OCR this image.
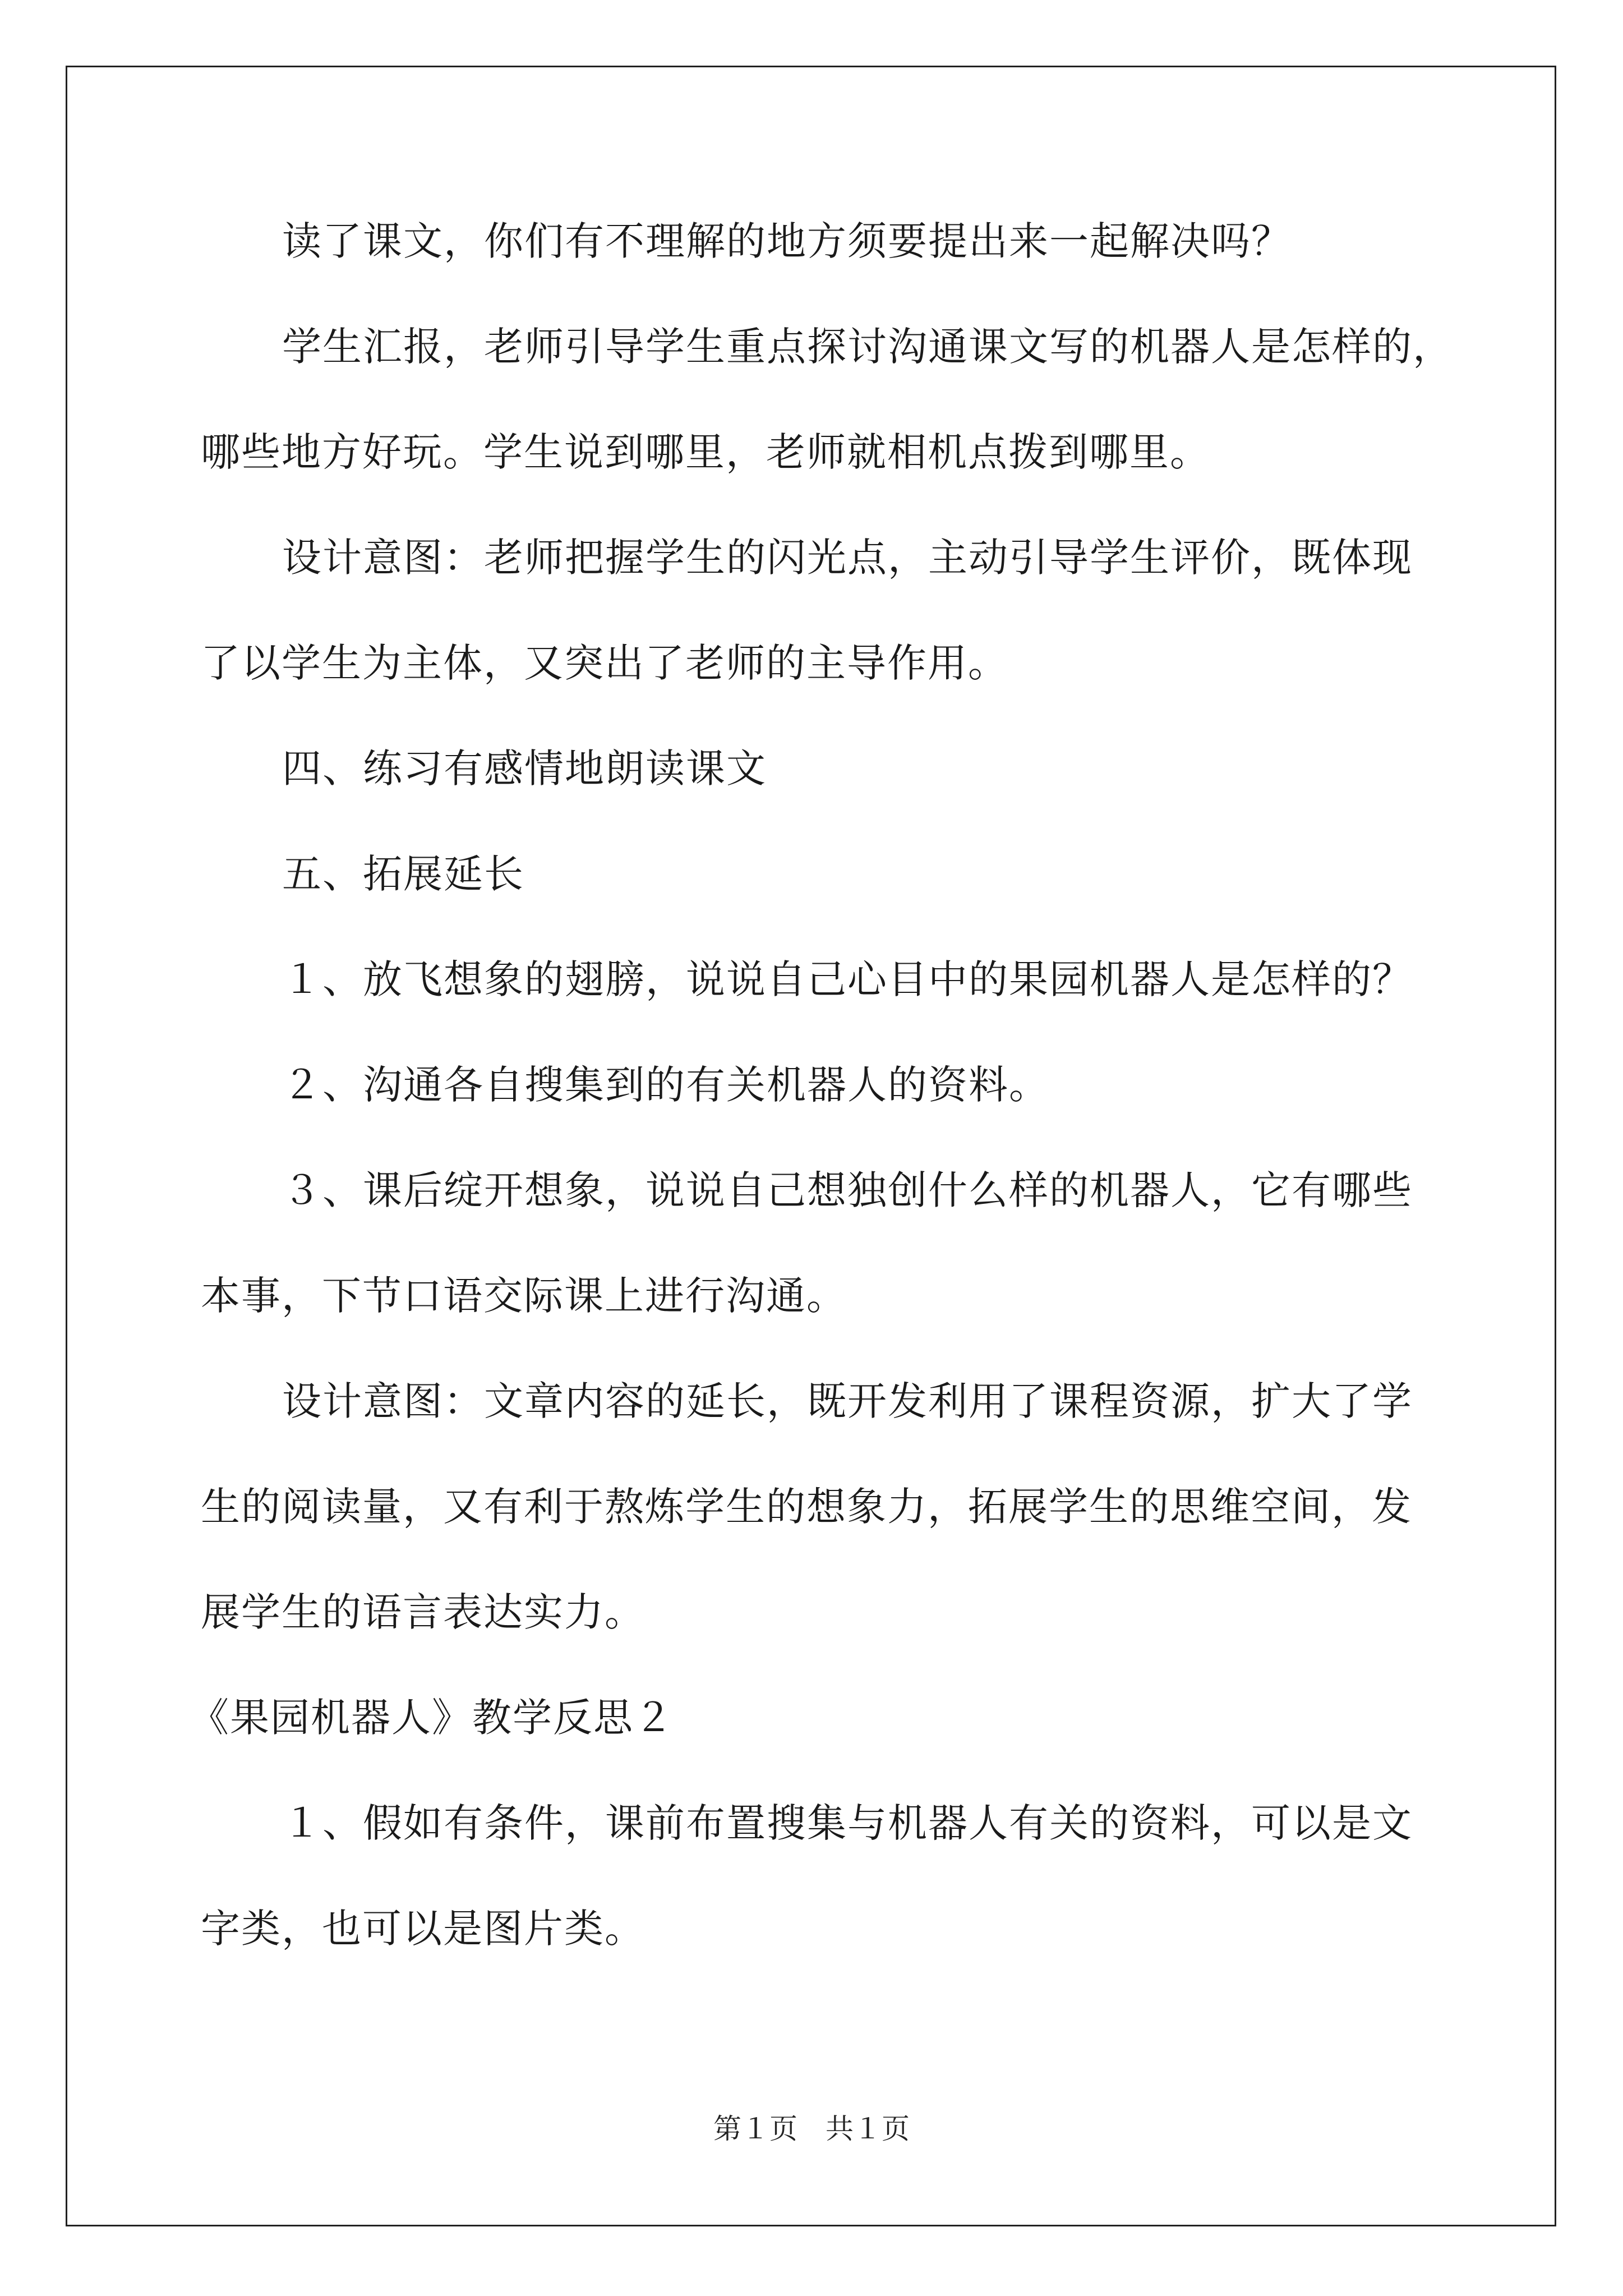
读了课文，你们有不理解的地方须要提出来一起解决吗？
学生汇报，老师引导学生重点探讨沟通课文写的机器人是怎样的，
哪些地方好玩。学生说到哪里，老师就相机点拨到哪里。
设计意图：老师把握学生的闪光点，主动引导学生评价，既体现
了以学生为主体，又突出了老师的主导作用。
四、练习有感情地朗读课文
五、拓展延长
１、放飞想象的翅膀，说说自己心目中的果园机器人是怎样的？
２、沟通各自搜集到的有关机器人的资料。
３、课后绽开想象，说说自己想独创什么样的机器人，它有哪些
本事，下节口语交际课上进行沟通。
设计意图：文章内容的延长，既开发利用了课程资源，扩大了学
生的阅读量，又有利于熬炼学生的想象力，拓展学生的思维空间，发
展学生的语言表达实力。
《果园机器人》教学反思２
１、假如有条件，课前布置搜集与机器人有关的资料，可以是文
字类，也可以是图片类。
第１页　共１页
